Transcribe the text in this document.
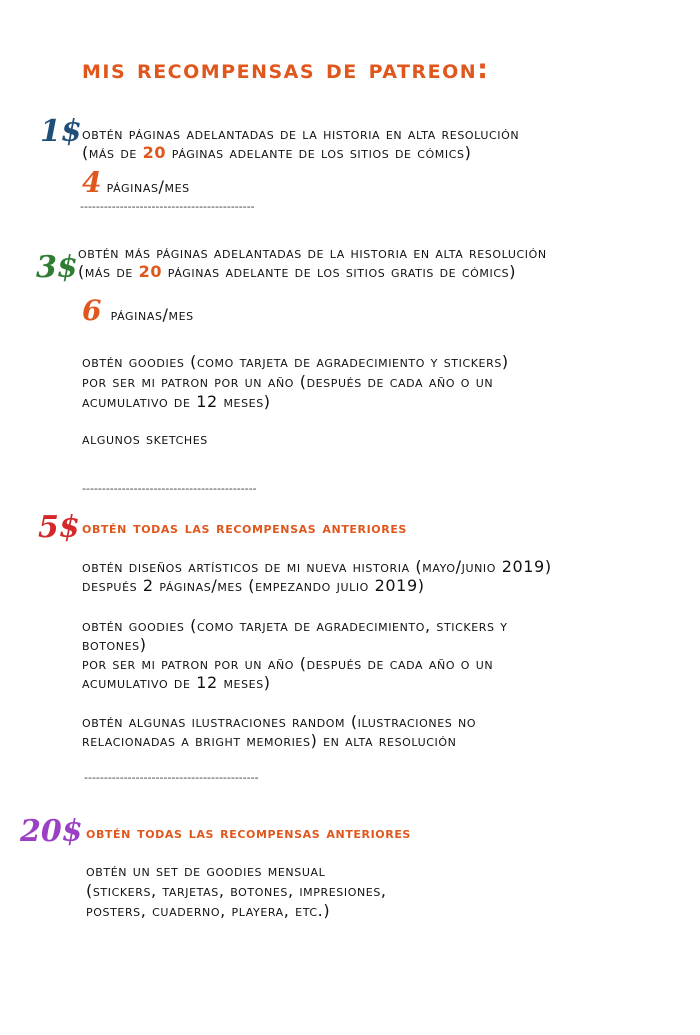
mis recompensas de patreon:
1$ obtén páginas adelantadas de la historia en alta resolución
(más de 20 páginas adelante de los sitios de cómics)
4 páginas/mes
--------------------------------------------
3$ obtén más páginas adelantadas de la historia en alta resolución
(más de 20 páginas adelante de los sitios gratis de cómics)
6 páginas/mes
obtén goodies (como tarjeta de agradecimiento y stickers)
por ser mi patron por un año (después de cada año o un
acumulativo de 12 meses)
algunos sketches
--------------------------------------------
5$ obtén todas las recompensas anteriores
obtén diseños artísticos de mi nueva historia (mayo/junio 2019)
después 2 páginas/mes (empezando julio 2019)
obtén goodies (como tarjeta de agradecimiento, stickers y
botones)
por ser mi patron por un año (después de cada año o un
acumulativo de 12 meses)
obtén algunas ilustraciones random (ilustraciones no
relacionadas a bright memories) en alta resolución
--------------------------------------------
20$ obtén todas las recompensas anteriores
obtén un set de goodies mensual
(stickers, tarjetas, botones, impresiones,
posters, cuaderno, playera, etc.)
